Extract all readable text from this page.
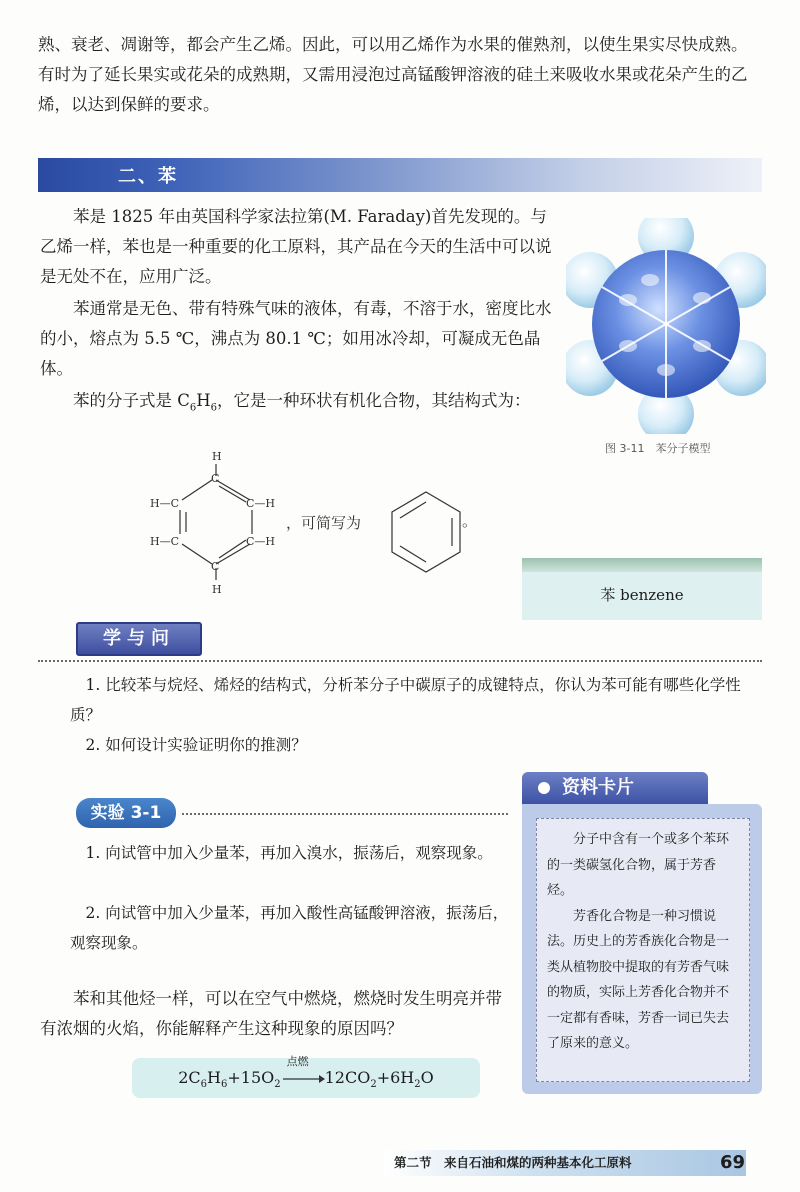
熟、衰老、凋谢等，都会产生乙烯。因此，可以用乙烯作为水果的催熟剂，以使生果实尽快成熟。有时为了延长果实或花朵的成熟期，又需用浸泡过高锰酸钾溶液的硅土来吸收水果或花朵产生的乙烯，以达到保鲜的要求。

二、苯

苯是 1825 年由英国科学家法拉第(M. Faraday)首先发现的。与乙烯一样，苯也是一种重要的化工原料，其产品在今天的生活中可以说是无处不在，应用广泛。

苯通常是无色、带有特殊气味的液体，有毒，不溶于水，密度比水的小，熔点为 5.5 ℃，沸点为 80.1 ℃；如用冰冷却，可凝成无色晶体。

苯的分子式是 $C_6H_6$，它是一种环状有机化合物，其结构式为：

图 3-11　苯分子模型
H
C
C—H
H—C
C—H
H—C
C
H
，可简写为	。
苯 benzene
学与问

1. 比较苯与烷烃、烯烃的结构式，分析苯分子中碳原子的成键特点，你认为苯可能有哪些化学性质？

2. 如何设计实验证明你的推测？

资料卡片

分子中含有一个或多个苯环的一类碳氢化合物，属于芳香烃。

芳香化合物是一种习惯说法。历史上的芳香族化合物是一类从植物胶中提取的有芳香气味的物质，实际上芳香化合物并不一定都有香味，芳香一词已失去了原来的意义。

实验 3-1

1. 向试管中加入少量苯，再加入溴水，振荡后，观察现象。

2. 向试管中加入少量苯，再加入酸性高锰酸钾溶液，振荡后，观察现象。

苯和其他烃一样，可以在空气中燃烧，燃烧时发生明亮并带有浓烟的火焰，你能解释产生这种现象的原因吗？

$2C_6H_6+15O_2$
点燃
$12CO_2+6H_2O$
第二节　来自石油和煤的两种基本化工原料	69
